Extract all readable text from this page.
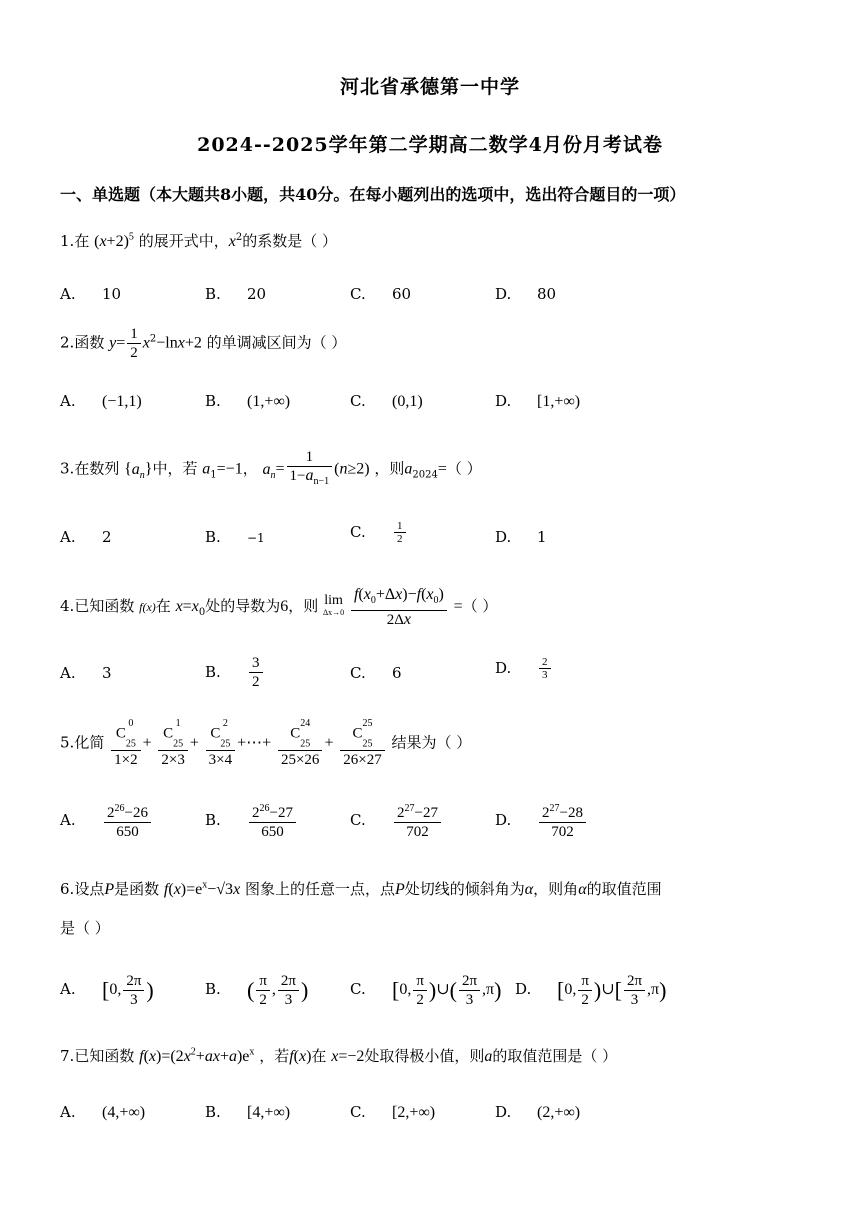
河北省承德第一中学
2024--2025学年第二学期高二数学4月份月考试卷
一、单选题（本大题共8小题，共40分。在每小题列出的选项中，选出符合题目的一项）
1.在 $(x+2)^5$ 的展开式中，$x^2$的系数是（ ）
A. 10	B. 20	C. 60	D. 80
2.函数 $y= \frac{1}{2} x^2-\ln x+2$ 的单调减区间为（ ）
A. (−1,1)	B. (1,+∞)	C. (0,1)	D. [1,+∞)
3.在数列 $\{a_n\}$中，若 $a_1=-1$， $a_n= \frac{1}{1-a_{n-1}} (n\ge 2)$ ，则$a_{2024}=$（ ）
A. 2	B. −1	C.	$\frac{1}{2}$	D. 1
4.已知函数 f(x)在 $x=x_0$处的导数为6，则 lim
Δx→0
$\frac{f(x_0+\Delta x)-f(x_0)}{2\Delta x}$ =（ ）
A. 3	B. $\frac{3}{2}$	C. 6	D.	$\frac{2}{3}$
5.化简
$C^0$
$_{25}$
1×2
+
$C^1$
$_{25}$
2×3
+
$C^2$
$_{25}$
3×4
+⋯+
$C^{24}$
$_{25}$
25×26
+
$C^{25}$
$_{25}$
26×27
结果为（ ）
A. $\frac{2^{26}-26}{650}$	B. $\frac{2^{26}-27}{650}$	C. $\frac{2^{27}-27}{702}$	D. $\frac{2^{27}-28}{702}$
6.设点P是函数 $f(x)=e^x-√3x$ 图象上的任意一点，点P处切线的倾斜角为α，则角α的取值范围
是（ ）
A. [0, $\frac{2\pi}{3}$ )	B. ( $\frac{\pi}{2}$ , $\frac{2\pi}{3}$ )	C. [0, $\frac{\pi}{2}$ )∪( $\frac{2\pi}{3} ,\pi$) D. [0, $\frac{\pi}{2}$ )∪[ $\frac{2\pi}{3} ,\pi$)
7.已知函数 $f(x)=(2x^2+ax+a)e^x$ ，若f(x)在 x=−2处取得极小值，则a的取值范围是（ ）
A. (4,+∞)	B. [4,+∞)	C. [2,+∞)	D. (2,+∞)
